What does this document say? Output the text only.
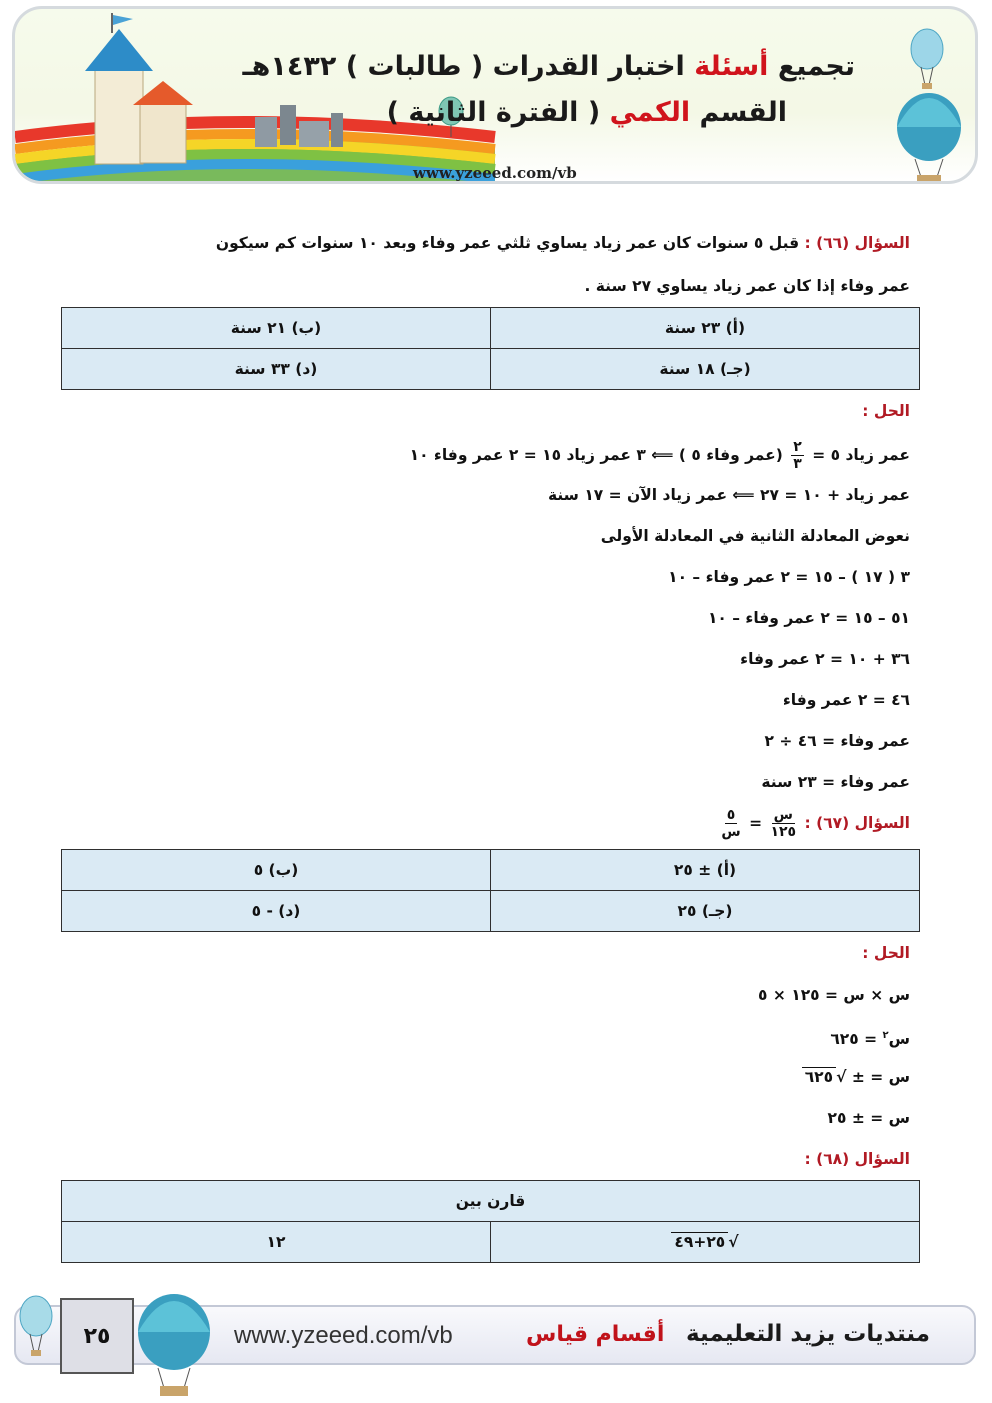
تجميع أسئلة اختبار القدرات ( طالبات ) ١٤٣٢هـ
القسم الكمي ( الفترة الثانية )
www.yzeeed.com/vb
السؤال (٦٦) : قبل ٥ سنوات كان عمر زياد يساوي ثلثي عمر وفاء وبعد ١٠ سنوات كم سيكون
عمر وفاء إذا كان عمر زياد يساوي ٢٧ سنة .
(أ) ٢٣ سنة	(ب) ٢١ سنة
(جـ) ١٨ سنة	(د) ٣٣ سنة
الحل :
عمر زياد ٥ =
$\frac{٢}{٣}$
(عمر وفاء ٥ ) ⟸ ٣ عمر زياد ١٥ = ٢ عمر وفاء ١٠
عمر زياد + ١٠ = ٢٧ ⟸ عمر زياد الآن = ١٧ سنة
نعوض المعادلة الثانية في المعادلة الأولى
٣ ( ١٧ ) – ١٥ = ٢ عمر وفاء – ١٠
٥١ – ١٥ = ٢ عمر وفاء – ١٠
٣٦ + ١٠ = ٢ عمر وفاء
٤٦ = ٢ عمر وفاء
عمر وفاء = ٤٦ ÷ ٢
عمر وفاء = ٢٣ سنة
السؤال (٦٧) :
$\frac{\text{س}}{١٢٥}$
=
$\frac{٥}{\text{س}}$
(أ) ± ٢٥	(ب) ٥
(جـ) ٢٥	(د) - ٥
الحل :
س × س = ١٢٥ × ٥
س$^٢$ = ٦٢٥
س = ± √٦٢٥
س = ± ٢٥
السؤال (٦٨) :
قارن بين
√٢٥+٤٩	١٢
٢٥	www.yzeeed.com/vb	أقسام قياس منتديات يزيد التعليمية
